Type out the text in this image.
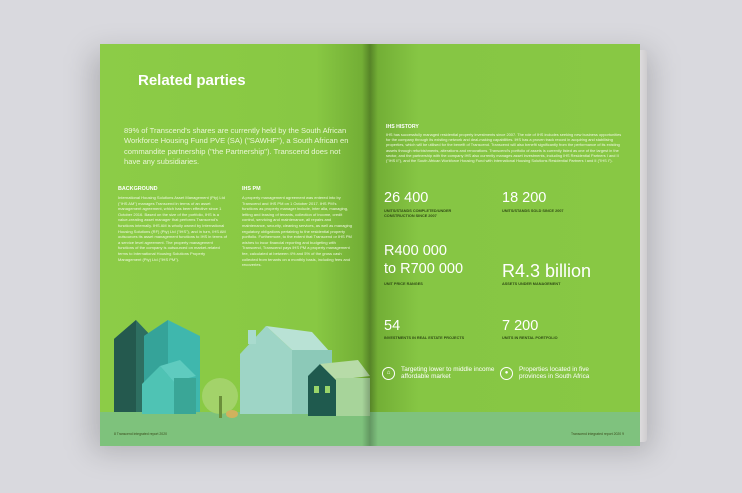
Related parties
89% of Transcend's shares are currently held by the South African Workforce Housing Fund PVE (SA) ("SAWHF"), a South African en commandite partnership ("the Partnership"). Transcend does not have any subsidiaries.
BACKGROUND
International Housing Solutions Asset Management (Pty) Ltd ("IHS AM") manages Transcend in terms of an asset management agreement, which has been effective since 1 October 2016. Based on the size of the portfolio, IHS is a value-creating asset manager that performs Transcend's functions internally. IHS AM is wholly owned by International Housing Solutions (RF) (Pty) Ltd ("IHS"), and in turn, IHS AM outsources its asset management functions to IHS in terms of a service level agreement. The property management functions of the company is outsourced on market-related terms to International Housing Solutions Property Management (Pty) Ltd ("IHS PM").
IHS PM
A property management agreement was entered into by Transcend and IHS PM on 1 October 2017. IHS PM's functions as property manager include, inter alia, managing, letting and leasing of tenants, collection of income, credit control, servicing and maintenance, all repairs and maintenance, security, cleaning services, as well as managing regulatory obligations pertaining to the residential property portfolio. Furthermore, to the extent that Transcend or IHS PM wishes to incur financial reporting and budgeting with Transcend, Transcend pays IHS PM a property management fee, calculated at between 4% and 5% of the gross cash collected from tenants on a monthly basis, including fees and recoveries.
8 Transcend integrated report 2020
IHS HISTORY
IHS has successfully managed residential property investments since 2007. The role of IHS includes seeking new business opportunities for the company through its existing network and deal-making capabilities. IHS has a proven track record in acquiring and stabilising properties, which will be utilised for the benefit of Transcend. Transcend will also benefit significantly from the performance of its existing assets through refurbishments, alterations and renovations. Transcend's portfolio of assets is currently listed as one of the largest in the sector, and the partnership with the company IHS also currently manages asset investments, including IHS Residential Partners I and II ("IHS II"), and the South African Workforce Housing Fund with International Housing Solutions Residential Partners I and II ("IHS I").
26 400
UNITS/STANDS COMPLETED/UNDER CONSTRUCTION SINCE 2007
18 200
UNITS/STANDS SOLD SINCE 2007
R400 000
to R700 000
UNIT PRICE RANGES
R4.3 billion
ASSETS UNDER MANAGEMENT
54
INVESTMENTS IN REAL ESTATE PROJECTS
7 200
UNITS IN RENTAL PORTFOLIO
⌂
Targeting lower to middle income affordable market	●
Properties located in five provinces in South Africa
Transcend integrated report 2020 9
